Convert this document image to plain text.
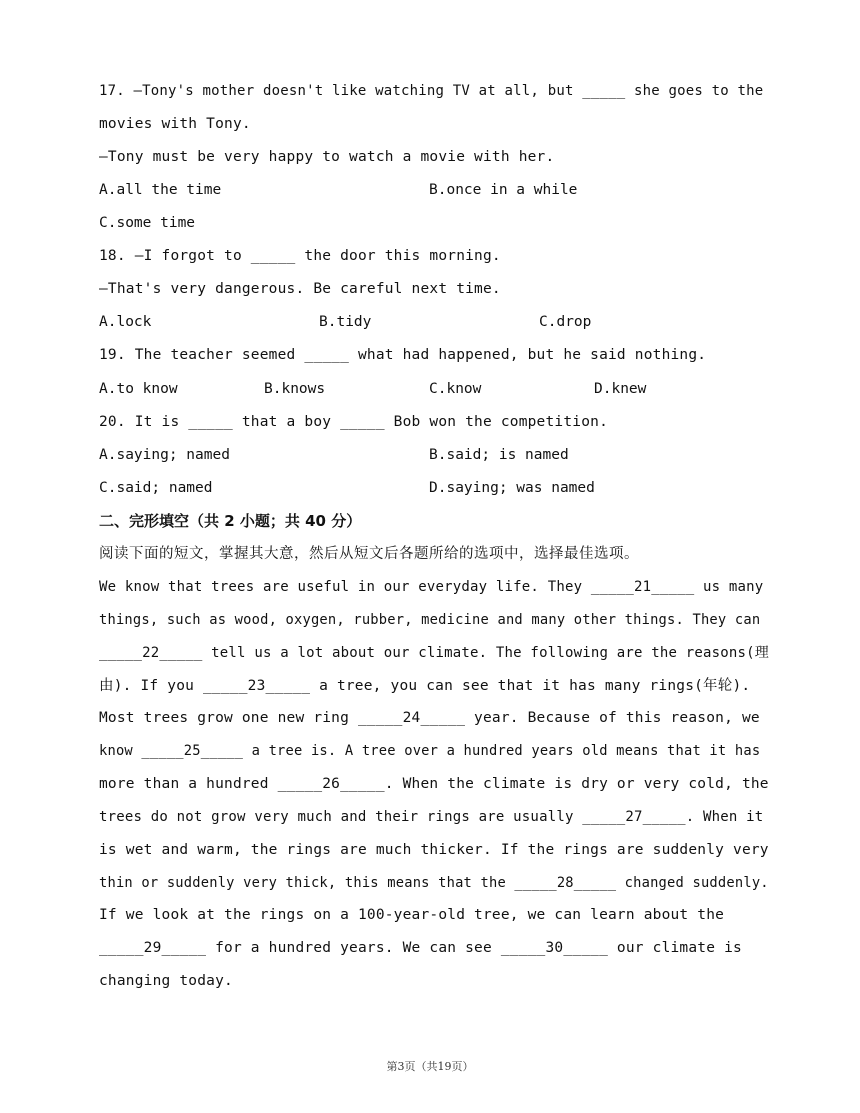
17. —Tony's mother doesn't like watching TV at all, but _____ she goes to the
movies with Tony.
—Tony must be very happy to watch a movie with her.
A.all the time	B.once in a while
C.some time
18. —I forgot to _____ the door this morning.
—That's very dangerous. Be careful next time.
A.lock	B.tidy	C.drop
19. The teacher seemed _____ what had happened, but he said nothing.
A.to know	B.knows	C.know	D.knew
20. It is _____ that a boy _____ Bob won the competition.
A.saying; named	B.said; is named
C.said; named	D.saying; was named
二、完形填空（共 2 小题；共 40 分）
阅读下面的短文，掌握其大意，然后从短文后各题所给的选项中，选择最佳选项。
We know that trees are useful in our everyday life. They _____21_____ us many
things, such as wood, oxygen, rubber, medicine and many other things. They can
_____22_____ tell us a lot about our climate. The following are the reasons(理
由). If you _____23_____ a tree, you can see that it has many rings(年轮).
Most trees grow one new ring _____24_____ year. Because of this reason, we
know _____25_____ a tree is. A tree over a hundred years old means that it has
more than a hundred _____26_____. When the climate is dry or very cold, the
trees do not grow very much and their rings are usually _____27_____. When it
is wet and warm, the rings are much thicker. If the rings are suddenly very
thin or suddenly very thick, this means that the _____28_____ changed suddenly.
If we look at the rings on a 100-year-old tree, we can learn about the
_____29_____ for a hundred years. We can see _____30_____ our climate is
changing today.
第3页（共19页）
